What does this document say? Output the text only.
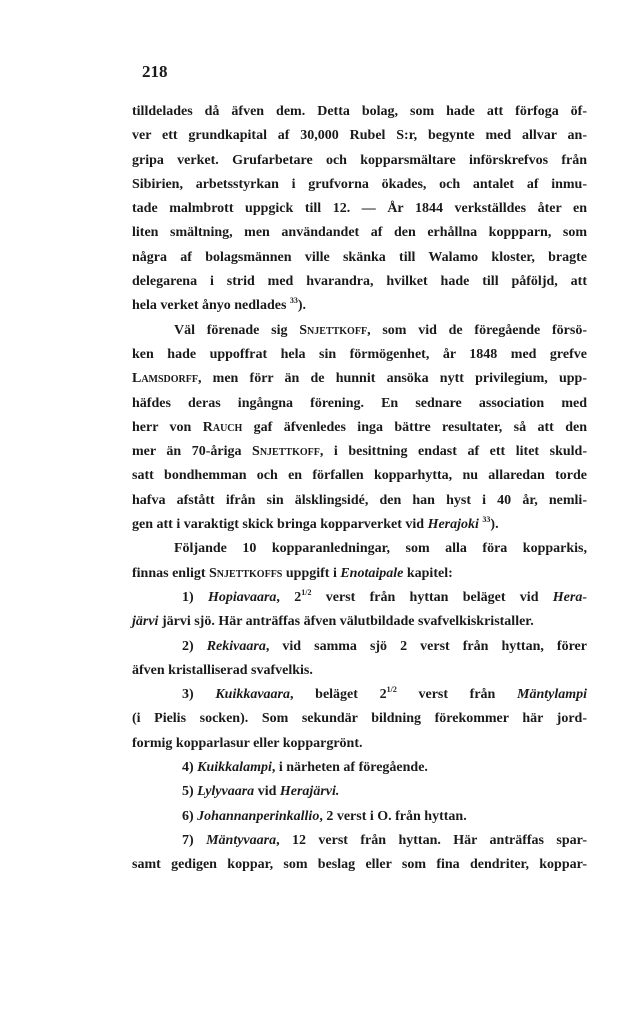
218
tilldelades då äfven dem. Detta bolag, som hade att förfoga öf-
ver ett grundkapital af 30,000 Rubel S:r, begynte med allvar an-
gripa verket. Grufarbetare och kopparsmältare införskrefvos från
Sibirien, arbetsstyrkan i grufvorna ökades, och antalet af inmu-
tade malmbrott uppgick till 12. — År 1844 verkställdes åter en
liten smältning, men användandet af den erhållna koppparn, som
några af bolagsmännen ville skänka till Walamo kloster, bragte
delegarena i strid med hvarandra, hvilket hade till påföljd, att
hela verket ånyo nedlades $^{33}$).
Väl förenade sig Snjettkoff, som vid de föregående försö-
ken hade uppoffrat hela sin förmögenhet, år 1848 med grefve
Lamsdorff, men förr än de hunnit ansöka nytt privilegium, upp-
häfdes deras ingångna förening. En sednare association med
herr von Rauch gaf äfvenledes inga bättre resultater, så att den
mer än 70-åriga Snjettkoff, i besittning endast af ett litet skuld-
satt bondhemman och en förfallen kopparhytta, nu allaredan torde
hafva afstått ifrån sin älsklingsidé, den han hyst i 40 år, nemli-
gen att i varaktigt skick bringa kopparverket vid Herajoki $^{33}$).
Följande 10 kopparanledningar, som alla föra kopparkis,
finnas enligt Snjettkoffs uppgift i Enotaipale kapitel:
1) Hopiavaara, $2^{1/2}$ verst från hyttan beläget vid Hera-
järvi järvi sjö. Här anträffas äfven välutbildade svafvelkiskristaller.
2) Rekivaara, vid samma sjö 2 verst från hyttan, förer
äfven kristalliserad svafvelkis.
3) Kuikkavaara, beläget $2^{1/2}$ verst från Mäntylampi
(i Pielis socken). Som sekundär bildning förekommer här jord-
formig kopparlasur eller koppargrönt.
4) Kuikkalampi, i närheten af föregående.
5) Lylyvaara vid Herajärvi.
6) Johannanperinkallio, 2 verst i O. från hyttan.
7) Mäntyvaara, 12 verst från hyttan. Här anträffas spar-
samt gedigen koppar, som beslag eller som fina dendriter, koppar-
